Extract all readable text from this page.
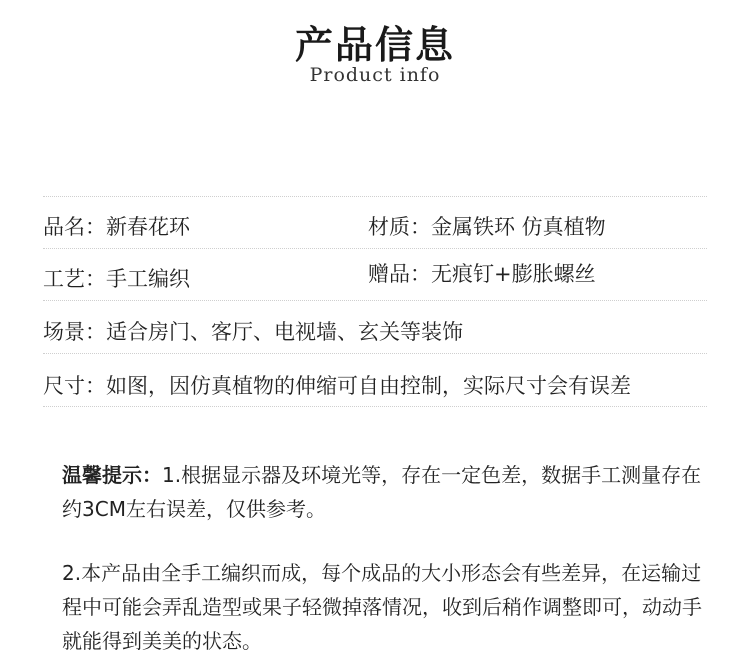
产品信息
Product info
品名：新春花环	材质：金属铁环 仿真植物
工艺：手工编织	赠品：无痕钉+膨胀螺丝
场景：适合房门、客厅、电视墙、玄关等装饰
尺寸：如图，因仿真植物的伸缩可自由控制，实际尺寸会有误差
温馨提示：1.根据显示器及环境光等，存在一定色差，数据手工测量存在约3CM左右误差，仅供参考。
2.本产品由全手工编织而成，每个成品的大小形态会有些差异，在运输过程中可能会弄乱造型或果子轻微掉落情况，收到后稍作调整即可，动动手就能得到美美的状态。
